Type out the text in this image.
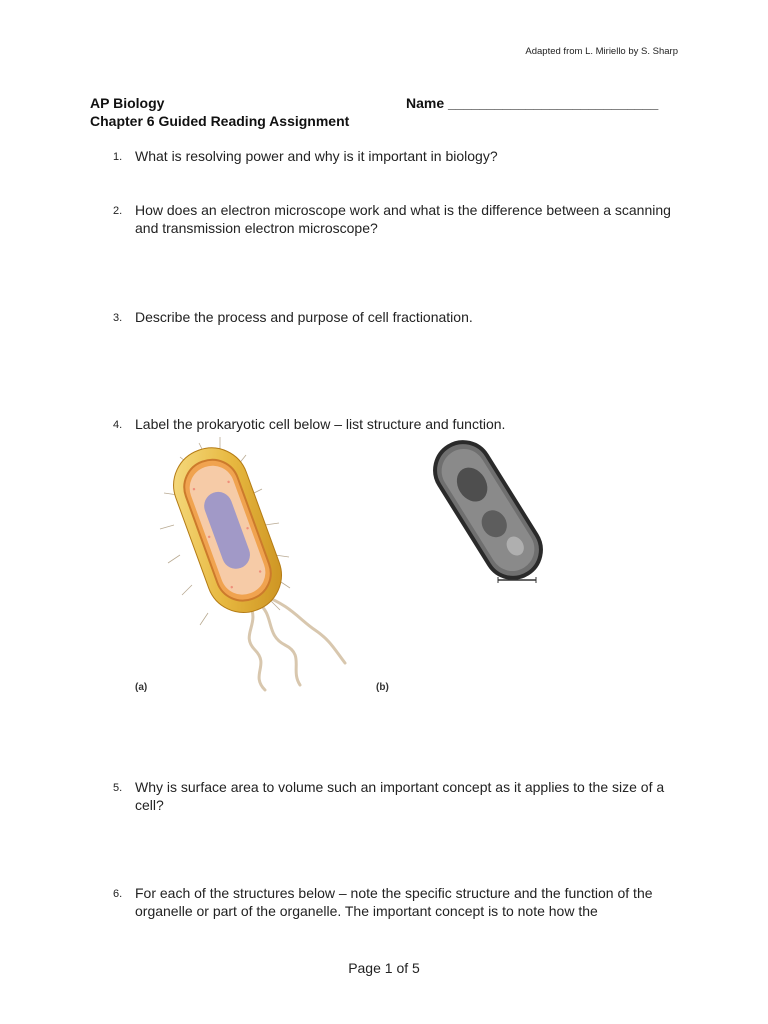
Adapted from L. Miriello by S. Sharp
AP Biology
Chapter 6 Guided Reading Assignment
Name ___________________________
1. What is resolving power and why is it important in biology?
2. How does an electron microscope work and what is the difference between a scanning and transmission electron microscope?
3. Describe the process and purpose of cell fractionation.
4. Label the prokaryotic cell below – list structure and function.
(a)	(b)
5. Why is surface area to volume such an important concept as it applies to the size of a cell?
6. For each of the structures below – note the specific structure and the function of the organelle or part of the organelle. The important concept is to note how the
Page 1 of 5
